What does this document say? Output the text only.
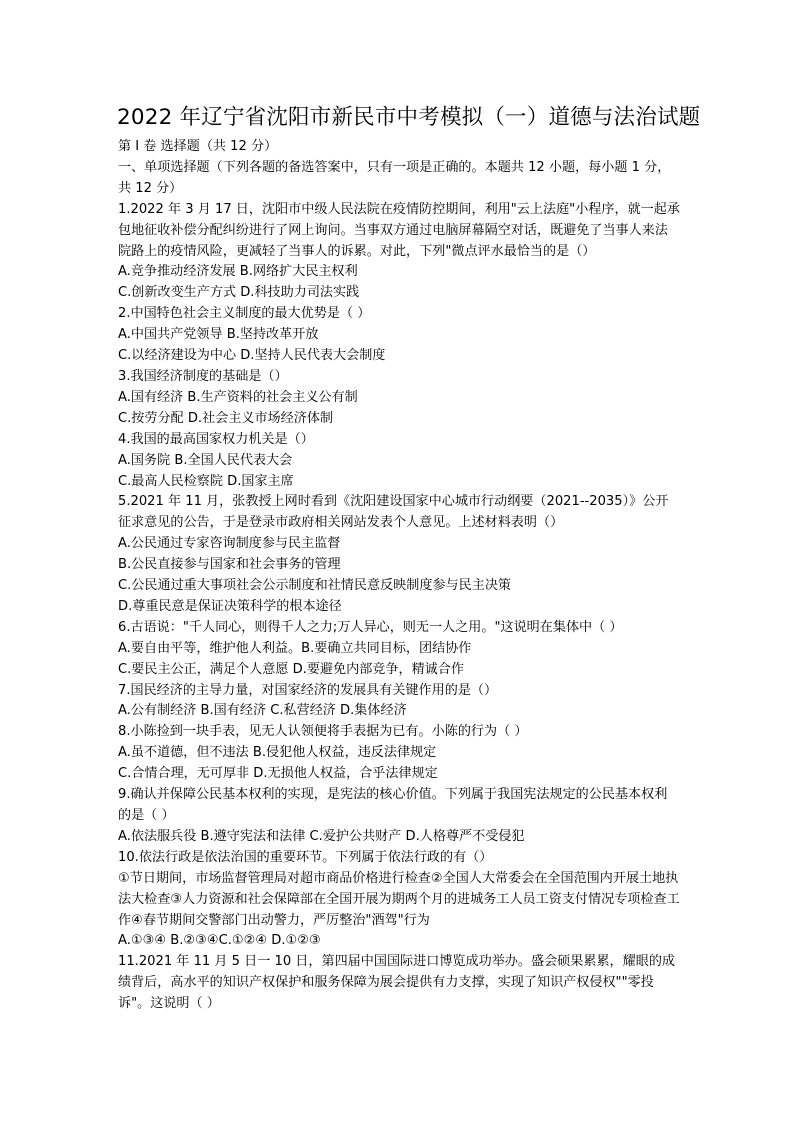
2022 年辽宁省沈阳市新民市中考模拟（一）道德与法治试题

第 I 卷 选择题（共 12 分）

一、单项选择题（下列各题的备选答案中，只有一项是正确的。本题共 12 小题，每小题 1 分，共 12 分）

1.2022 年 3 月 17 日，沈阳市中级人民法院在疫情防控期间，利用"云上法庭"小程序，就一起承包地征收补偿分配纠纷进行了网上询问。当事双方通过电脑屏幕隔空对话，既避免了当事人来法院路上的疫情风险，更减轻了当事人的诉累。对此，下列"微点评水最恰当的是（）

A.竞争推动经济发展 B.网络扩大民主权利

C.创新改变生产方式 D.科技助力司法实践

2.中国特色社会主义制度的最大优势是（ ）

A.中国共产党领导 B.坚持改革开放

C.以经济建设为中心 D.坚持人民代表大会制度

3.我国经济制度的基础是（）

A.国有经济 B.生产资料的社会主义公有制

C.按劳分配 D.社会主义市场经济体制

4.我国的最高国家权力机关是（）

A.国务院 B.全国人民代表大会

C.最高人民检察院 D.国家主席

5.2021 年 11 月，张教授上网时看到《沈阳建设国家中心城市行动纲要（2021--2035）》公开征求意见的公告，于是登录市政府相关网站发表个人意见。上述材料表明（）

A.公民通过专家咨询制度参与民主监督

B.公民直接参与国家和社会事务的管理

C.公民通过重大事项社会公示制度和社情民意反映制度参与民主决策

D.尊重民意是保证决策科学的根本途径

6.古语说："千人同心，则得千人之力;万人异心，则无一人之用。"这说明在集体中（ ）

A.要自由平等，维护他人利益。B.要确立共同目标，团结协作

C.要民主公正，满足个人意愿 D.要避免内部竞争，精诚合作

7.国民经济的主导力量，对国家经济的发展具有关键作用的是（）

A.公有制经济 B.国有经济 C.私营经济 D.集体经济

8.小陈捡到一块手表，见无人认领便将手表据为已有。小陈的行为（ ）

A.虽不道德，但不违法 B.侵犯他人权益，违反法律规定

C.合情合理，无可厚非 D.无损他人权益，合乎法律规定

9.确认并保障公民基本权利的实现，是宪法的核心价值。下列属于我国宪法规定的公民基本权利的是（ ）

A.依法服兵役 B.遵守宪法和法律 C.爱护公共财产 D.人格尊严不受侵犯

10.依法行政是依法治国的重要环节。下列属于依法行政的有（）

①节日期间，市场监督管理局对超市商品价格进行检查②全国人大常委会在全国范围内开展土地执法大检查③人力资源和社会保障部在全国开展为期两个月的进城务工人员工资支付情况专项检查工作④春节期间交警部门出动警力，严厉整治"酒驾"行为

A.①③④ B.②③④C.①②④ D.①②③

11.2021 年 11 月 5 日一 10 日，第四届中国国际进口博览成功举办。盛会硕果累累，耀眼的成绩背后，高水平的知识产权保护和服务保障为展会提供有力支撑，实现了知识产权侵权""零投诉"。这说明（ ）
